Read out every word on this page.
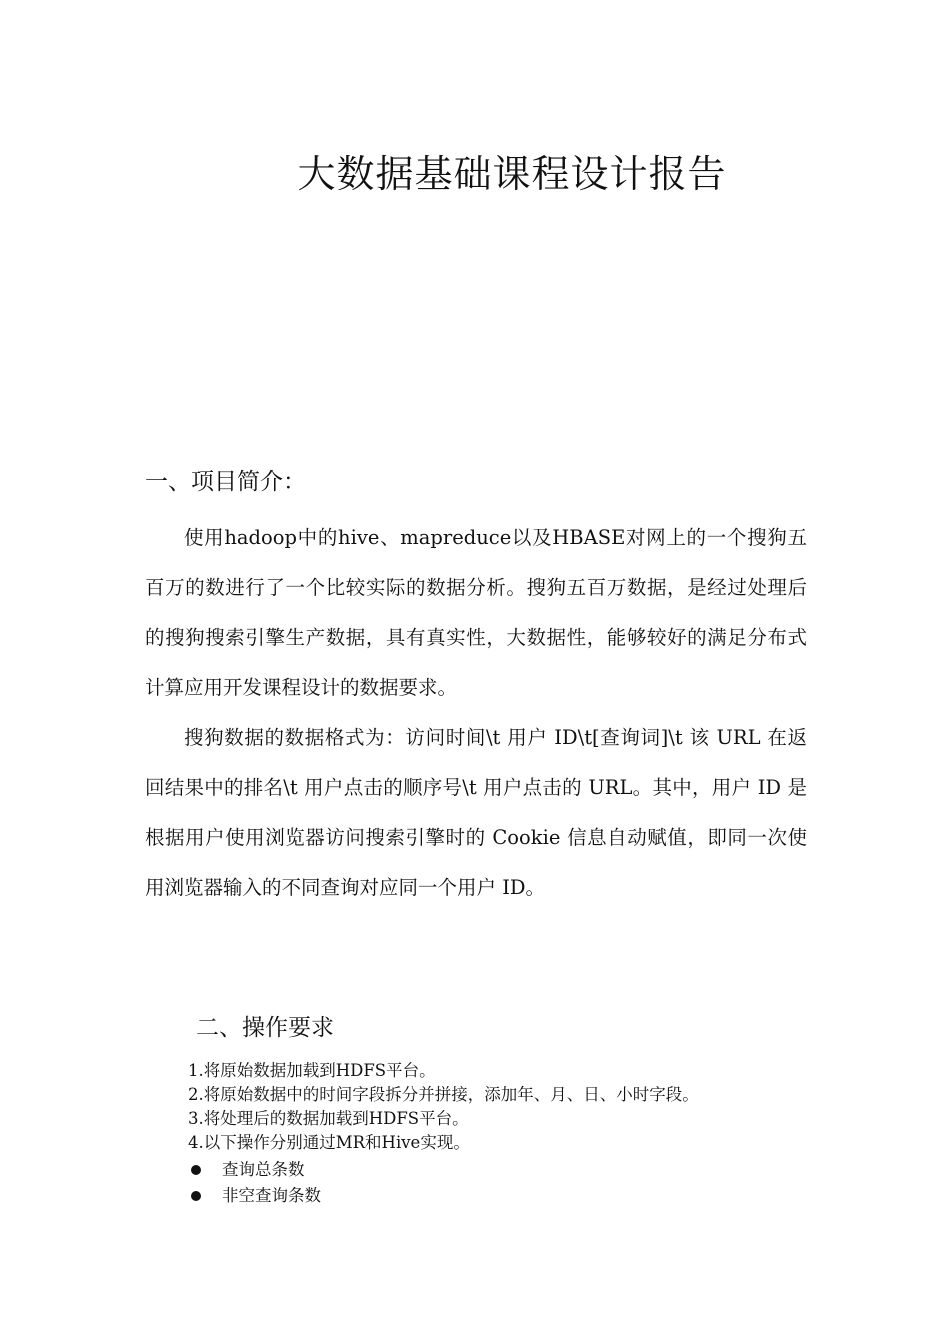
大数据基础课程设计报告
一、项目简介：

使用hadoop中的hive、mapreduce以及HBASE对网上的一个搜狗五百万的数进行了一个比较实际的数据分析。搜狗五百万数据，是经过处理后的搜狗搜索引擎生产数据，具有真实性，大数据性，能够较好的满足分布式计算应用开发课程设计的数据要求。

搜狗数据的数据格式为：访问时间\t 用户 ID\t[查询词]\t 该 URL 在返回结果中的排名\t 用户点击的顺序号\t 用户点击的 URL。其中，用户 ID 是根据用户使用浏览器访问搜索引擎时的 Cookie 信息自动赋值，即同一次使用浏览器输入的不同查询对应同一个用户 ID。

二、操作要求
1.将原始数据加载到HDFS平台。
2.将原始数据中的时间字段拆分并拼接，添加年、月、日、小时字段。
3.将处理后的数据加载到HDFS平台。
4.以下操作分别通过MR和Hive实现。
查询总条数
非空查询条数
